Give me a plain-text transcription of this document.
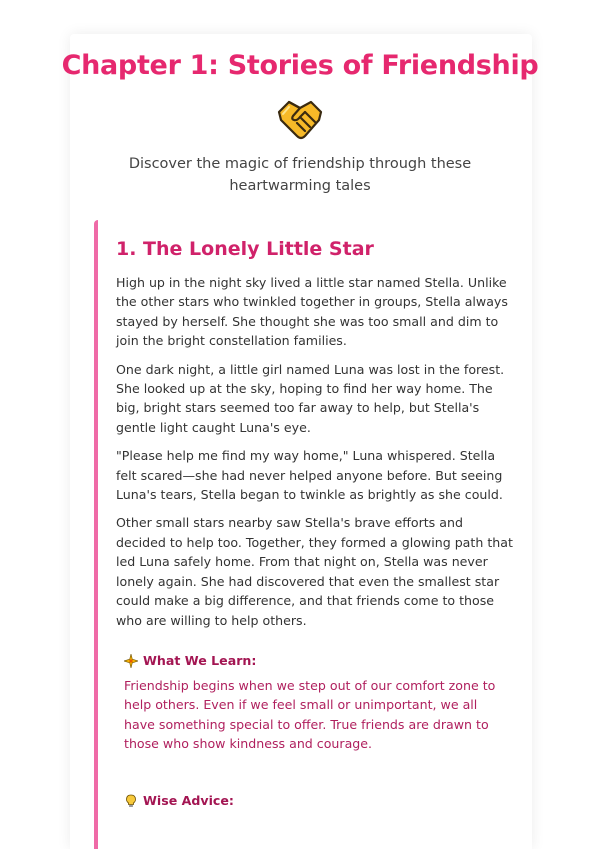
Chapter 1: Stories of Friendship

Discover the magic of friendship through these heartwarming tales

1. The Lonely Little Star

High up in the night sky lived a little star named Stella. Unlike the other stars who twinkled together in groups, Stella always stayed by herself. She thought she was too small and dim to join the bright constellation families.

One dark night, a little girl named Luna was lost in the forest. She looked up at the sky, hoping to find her way home. The big, bright stars seemed too far away to help, but Stella's gentle light caught Luna's eye.

"Please help me find my way home," Luna whispered. Stella felt scared—she had never helped anyone before. But seeing Luna's tears, Stella began to twinkle as brightly as she could.

Other small stars nearby saw Stella's brave efforts and decided to help too. Together, they formed a glowing path that led Luna safely home. From that night on, Stella was never lonely again. She had discovered that even the smallest star could make a big difference, and that friends come to those who are willing to help others.

What We Learn:

Friendship begins when we step out of our comfort zone to help others. Even if we feel small or unimportant, we all have something special to offer. True friends are drawn to those who show kindness and courage.

Wise Advice:
